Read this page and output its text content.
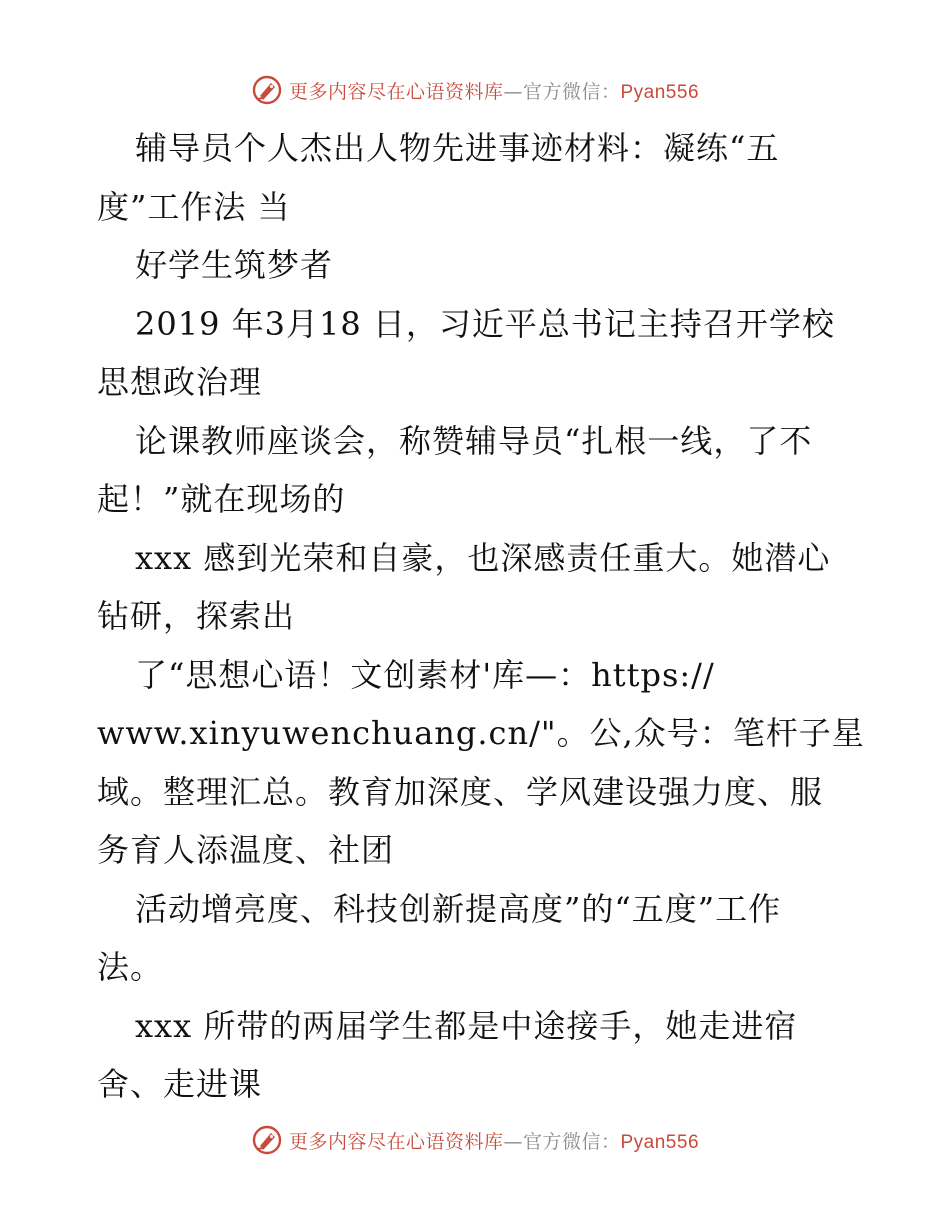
更多内容尽在心语资料库—官方微信：Pyan556
辅导员个人杰出人物先进事迹材料：凝练“五
度”工作法 当
好学生筑梦者
2019 年3月18 日，习近平总书记主持召开学校
思想政治理
论课教师座谈会，称赞辅导员“扎根一线，了不
起！”就在现场的
xxx 感到光荣和自豪，也深感责任重大。她潜心
钻研，探索出
了“思想心语！文创素材'库—：https://
www.xinyuwenchuang.cn/"。公,众号：笔杆子星
域。整理汇总。教育加深度、学风建设强力度、服
务育人添温度、社团
活动增亮度、科技创新提高度”的“五度”工作
法。
xxx 所带的两届学生都是中途接手，她走进宿
舍、走进课
更多内容尽在心语资料库—官方微信：Pyan556
